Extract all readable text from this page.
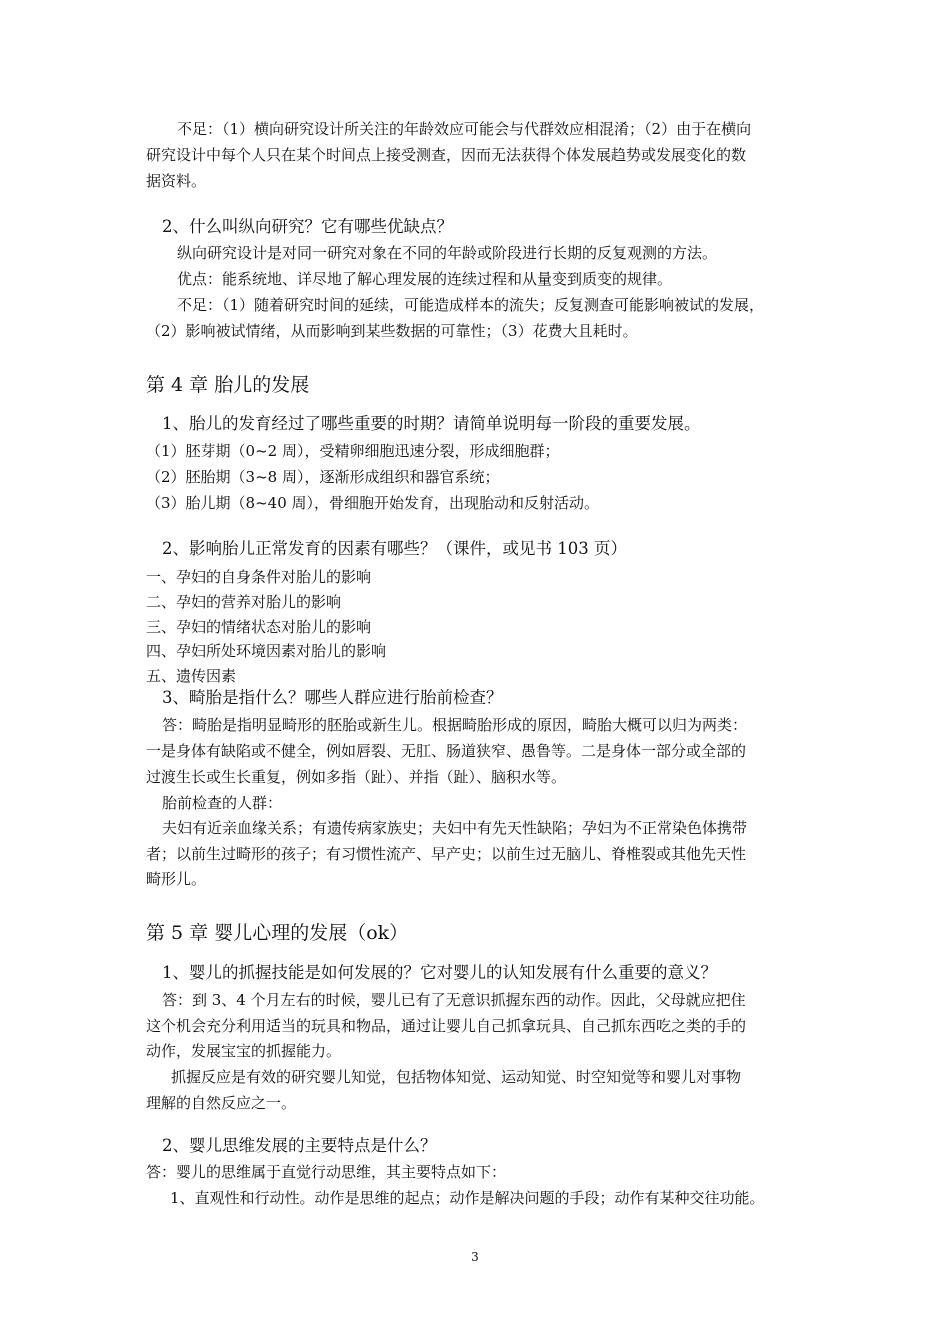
不足：（1）横向研究设计所关注的年龄效应可能会与代群效应相混淆；（2）由于在横向
研究设计中每个人只在某个时间点上接受测查，因而无法获得个体发展趋势或发展变化的数
据资料。
2、什么叫纵向研究？它有哪些优缺点？
纵向研究设计是对同一研究对象在不同的年龄或阶段进行长期的反复观测的方法。
优点：能系统地、详尽地了解心理发展的连续过程和从量变到质变的规律。
不足：（1）随着研究时间的延续，可能造成样本的流失；反复测查可能影响被试的发展，
（2）影响被试情绪，从而影响到某些数据的可靠性；（3）花费大且耗时。
第 4 章 胎儿的发展
1、胎儿的发育经过了哪些重要的时期？请简单说明每一阶段的重要发展。
（1）胚芽期（0~2 周），受精卵细胞迅速分裂，形成细胞群；
（2）胚胎期（3~8 周），逐渐形成组织和器官系统；
（3）胎儿期（8~40 周），骨细胞开始发育，出现胎动和反射活动。
2、影响胎儿正常发育的因素有哪些？（课件，或见书 103 页）
一、孕妇的自身条件对胎儿的影响
二、孕妇的营养对胎儿的影响
三、孕妇的情绪状态对胎儿的影响
四、孕妇所处环境因素对胎儿的影响
五、遗传因素
3、畸胎是指什么？哪些人群应进行胎前检查？
答：畸胎是指明显畸形的胚胎或新生儿。根据畸胎形成的原因，畸胎大概可以归为两类：
一是身体有缺陷或不健全，例如唇裂、无肛、肠道狭窄、愚鲁等。二是身体一部分或全部的
过渡生长或生长重复，例如多指（趾）、并指（趾）、脑积水等。
胎前检查的人群：
夫妇有近亲血缘关系；有遗传病家族史；夫妇中有先天性缺陷；孕妇为不正常染色体携带
者；以前生过畸形的孩子；有习惯性流产、早产史；以前生过无脑儿、脊椎裂或其他先天性
畸形儿。
第 5 章 婴儿心理的发展（ok）
1、婴儿的抓握技能是如何发展的？它对婴儿的认知发展有什么重要的意义？
答：到 3、4 个月左右的时候，婴儿已有了无意识抓握东西的动作。因此，父母就应把住
这个机会充分利用适当的玩具和物品，通过让婴儿自己抓拿玩具、自己抓东西吃之类的手的
动作，发展宝宝的抓握能力。
抓握反应是有效的研究婴儿知觉，包括物体知觉、运动知觉、时空知觉等和婴儿对事物
理解的自然反应之一。
2、婴儿思维发展的主要特点是什么？
答：婴儿的思维属于直觉行动思维，其主要特点如下：
1、直观性和行动性。动作是思维的起点；动作是解决问题的手段；动作有某种交往功能。
3
